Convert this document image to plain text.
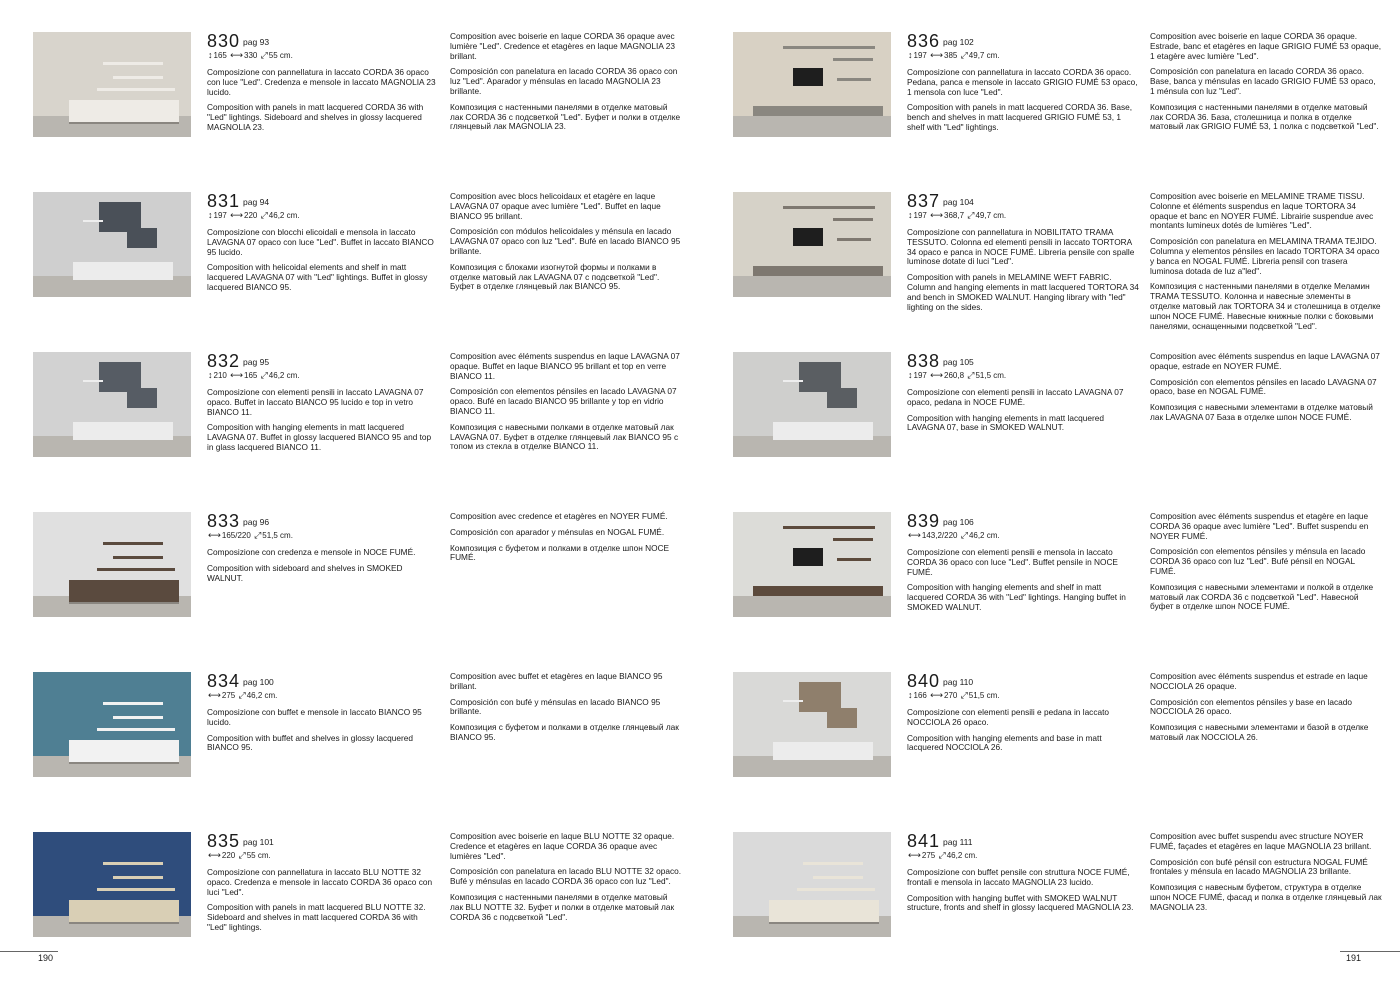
830 pag 93
↕165 ⟷330 ⤢55 cm.

Composizione con pannellatura in laccato CORDA 36 opaco con luce "Led". Credenza e mensole in laccato MAGNOLIA 23 lucido.

Composition with panels in matt lacquered CORDA 36 with "Led" lightings. Sideboard and shelves in glossy lacquered MAGNOLIA 23.

Composition avec boiserie en laque CORDA 36 opaque avec lumière "Led". Credence et etagères en laque MAGNOLIA 23 brillant.

Composición con panelatura en lacado CORDA 36 opaco con luz "Led". Aparador y ménsulas en lacado MAGNOLIA 23 brillante.

Композиция с настенными панелями в отделке матовый лак CORDA 36 с подсветкой "Led". Буфет и полки в отделке глянцевый лак MAGNOLIA 23.

831 pag 94
↕197 ⟷220 ⤢46,2 cm.

Composizione con blocchi elicoidali e mensola in laccato LAVAGNA 07 opaco con luce "Led". Buffet in laccato BIANCO 95 lucido.

Composition with helicoidal elements and shelf in matt lacquered LAVAGNA 07 with "Led" lightings. Buffet in glossy lacquered BIANCO 95.

Composition avec blocs helicoidaux et etagère en laque LAVAGNA 07 opaque avec lumière "Led". Buffet en laque BIANCO 95 brillant.

Composición con módulos helicoidales y ménsula en lacado LAVAGNA 07 opaco con luz "Led". Bufé en lacado BIANCO 95 brillante.

Композиция с блоками изогнутой формы и полками в отделке матовый лак LAVAGNA 07 с подсветкой "Led". Буфет в отделке глянцевый лак BIANCO 95.

832 pag 95
↕210 ⟷165 ⤢46,2 cm.

Composizione con elementi pensili in laccato LAVAGNA 07 opaco. Buffet in laccato BIANCO 95 lucido e top in vetro BIANCO 11.

Composition with hanging elements in matt lacquered LAVAGNA 07. Buffet in glossy lacquered BIANCO 95 and top in glass lacquered BIANCO 11.

Composition avec éléments suspendus en laque LAVAGNA 07 opaque. Buffet en laque BIANCO 95 brillant et top en verre BIANCO 11.

Composición con elementos pénsiles en lacado LAVAGNA 07 opaco. Bufé en lacado BIANCO 95 brillante y top en vidrio BIANCO 11.

Композиция с навесными полками в отделке матовый лак LAVAGNA 07. Буфет в отделке глянцевый лак BIANCO 95 с топом из стекла в отделке BIANCO 11.

833 pag 96
⟷165/220 ⤢51,5 cm.

Composizione con credenza e mensole in NOCE FUMÉ.

Composition with sideboard and shelves in SMOKED WALNUT.

Composition avec credence et etagères en NOYER FUMÉ.

Composición con aparador y ménsulas en NOGAL FUMÉ.

Композиция с буфетом и полками в отделке шпон NOCE FUMÉ.

834 pag 100
⟷275 ⤢46,2 cm.

Composizione con buffet e mensole in laccato BIANCO 95 lucido.

Composition with buffet and shelves in glossy lacquered BIANCO 95.

Composition avec buffet et etagères en laque BIANCO 95 brillant.

Composición con bufé y ménsulas en lacado BIANCO 95 brillante.

Композиция с буфетом и полками в отделке глянцевый лак BIANCO 95.

835 pag 101
⟷220 ⤢55 cm.

Composizione con pannellatura in laccato BLU NOTTE 32 opaco. Credenza e mensole in laccato CORDA 36 opaco con luci "Led".

Composition with panels in matt lacquered BLU NOTTE 32. Sideboard and shelves in matt lacquered CORDA 36 with "Led" lightings.

Composition avec boiserie en laque BLU NOTTE 32 opaque. Credence et etagères en laque CORDA 36 opaque avec lumières "Led".

Composición con panelatura en lacado BLU NOTTE 32 opaco. Bufé y ménsulas en lacado CORDA 36 opaco con luz "Led".

Композиция с настенными панелями в отделке матовый лак BLU NOTTE 32. Буфет и полки в отделке матовый лак CORDA 36 с подсветкой "Led".

836 pag 102
↕197 ⟷385 ⤢49,7 cm.

Composizione con pannellatura in laccato CORDA 36 opaco. Pedana, panca e mensole in laccato GRIGIO FUMÉ 53 opaco, 1 mensola con luce "Led".

Composition with panels in matt lacquered CORDA 36. Base, bench and shelves in matt lacquered GRIGIO FUMÉ 53, 1 shelf with "Led" lightings.

Composition avec boiserie en laque CORDA 36 opaque. Estrade, banc et etagères en laque GRIGIO FUMÉ 53 opaque, 1 etagère avec lumière "Led".

Composición con panelatura en lacado CORDA 36 opaco. Base, banca y ménsulas en lacado GRIGIO FUMÉ 53 opaco, 1 ménsula con luz "Led".

Композиция с настенными панелями в отделке матовый лак CORDA 36. База, столешница и полка в отделке матовый лак GRIGIO FUMÉ 53, 1 полка с подсветкой "Led".

837 pag 104
↕197 ⟷368,7 ⤢49,7 cm.

Composizione con pannellatura in NOBILITATO TRAMA TESSUTO. Colonna ed elementi pensili in laccato TORTORA 34 opaco e panca in NOCE FUMÉ. Libreria pensile con spalle luminose dotate di luci "Led".

Composition with panels in MELAMINE WEFT FABRIC. Column and hanging elements in matt lacquered TORTORA 34 and bench in SMOKED WALNUT. Hanging library with "led" lighting on the sides.

Composition avec boiserie en MELAMINE TRAME TISSU. Colonne et éléments suspendus en laque TORTORA 34 opaque et banc en NOYER FUMÉ. Librairie suspendue avec montants lumineux dotés de lumières "Led".

Composición con panelatura en MELAMINA TRAMA TEJIDO. Columna y elementos pénsiles en lacado TORTORA 34 opaco y banca en NOGAL FUMÉ. Libreria pensil con trasera luminosa dotada de luz a"led".

Композиция с настенными панелями в отделке Меламин TRAMA TESSUTO. Колонна и навесные элементы в отделке матовый лак TORTORA 34 и столешница в отделке шпон NOCE FUMÉ. Навесные книжные полки с боковыми панелями, оснащенными подсветкой "Led".

838 pag 105
↕197 ⟷260,8 ⤢51,5 cm.

Composizione con elementi pensili in laccato LAVAGNA 07 opaco, pedana in NOCE FUMÉ.

Composition with hanging elements in matt lacquered LAVAGNA 07, base in SMOKED WALNUT.

Composition avec éléments suspendus en laque LAVAGNA 07 opaque, estrade en NOYER FUMÉ.

Composición con elementos pénsiles en lacado LAVAGNA 07 opaco, base en NOGAL FUMÉ.

Композиция с навесными элементами в отделке матовый лак LAVAGNA 07 База в отделке шпон NOCE FUMÉ.

839 pag 106
⟷143,2/220 ⤢46,2 cm.

Composizione con elementi pensili e mensola in laccato CORDA 36 opaco con luce "Led". Buffet pensile in NOCE FUMÉ.

Composition with hanging elements and shelf in matt lacquered CORDA 36 with "Led" lightings. Hanging buffet in SMOKED WALNUT.

Composition avec éléments suspendus et etagère en laque CORDA 36 opaque avec lumière "Led". Buffet suspendu en NOYER FUMÉ.

Composición con elementos pénsiles y ménsula en lacado CORDA 36 opaco con luz "Led". Bufé pénsil en NOGAL FUMÉ.

Композиция с навесными элементами и полкой в отделке матовый лак CORDA 36 с подсветкой "Led". Навесной буфет в отделке шпон NOCE FUMÉ.

840 pag 110
↕166 ⟷270 ⤢51,5 cm.

Composizione con elementi pensili e pedana in laccato NOCCIOLA 26 opaco.

Composition with hanging elements and base in matt lacquered NOCCIOLA 26.

Composition avec éléments suspendus et estrade en laque NOCCIOLA 26 opaque.

Composición con elementos pénsiles y base en lacado NOCCIOLA 26 opaco.

Композиция с навесными элементами и базой в отделке матовый лак NOCCIOLA 26.

841 pag 111
⟷275 ⤢46,2 cm.

Composizione con buffet pensile con struttura NOCE FUMÉ, frontali e mensola in laccato MAGNOLIA 23 lucido.

Composition with hanging buffet with SMOKED WALNUT structure, fronts and shelf in glossy lacquered MAGNOLIA 23.

Composition avec buffet suspendu avec structure NOYER FUMÉ, façades et etagères en laque MAGNOLIA 23 brillant.

Composición con bufé pénsil con estructura NOGAL FUMÉ frontales y ménsula en lacado MAGNOLIA 23 brillante.

Композиция с навесным буфетом, структура в отделке шпон NOCE FUMÉ, фасад и полка в отделке глянцевый лак MAGNOLIA 23.

190	191
